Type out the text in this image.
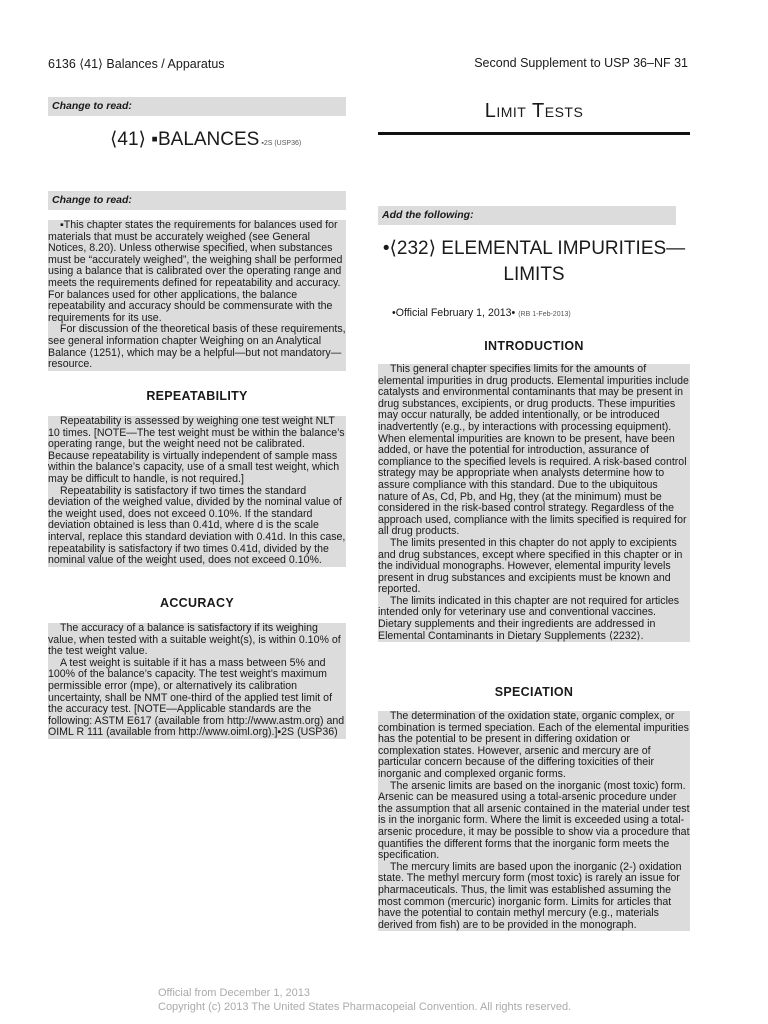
6136 ⟨41⟩ Balances / Apparatus	Second Supplement to USP 36–NF 31
Change to read:
⟨41⟩ ▪BALANCES ▪2S (USP36)
Change to read:

▪This chapter states the requirements for balances used for materials that must be accurately weighed (see General Notices, 8.20). Unless otherwise specified, when substances must be “accurately weighed”, the weighing shall be performed using a balance that is calibrated over the operating range and meets the requirements defined for repeatability and accuracy. For balances used for other applications, the balance repeatability and accuracy should be commensurate with the requirements for its use.

For discussion of the theoretical basis of these requirements, see general information chapter Weighing on an Analytical Balance ⟨1251⟩, which may be a helpful—but not mandatory—resource.

REPEATABILITY

Repeatability is assessed by weighing one test weight NLT 10 times. [NOTE—The test weight must be within the balance’s operating range, but the weight need not be calibrated. Because repeatability is virtually independent of sample mass within the balance’s capacity, use of a small test weight, which may be difficult to handle, is not required.]

Repeatability is satisfactory if two times the standard deviation of the weighed value, divided by the nominal value of the weight used, does not exceed 0.10%. If the standard deviation obtained is less than 0.41d, where d is the scale interval, replace this standard deviation with 0.41d. In this case, repeatability is satisfactory if two times 0.41d, divided by the nominal value of the weight used, does not exceed 0.10%.

ACCURACY

The accuracy of a balance is satisfactory if its weighing value, when tested with a suitable weight(s), is within 0.10% of the test weight value.

A test weight is suitable if it has a mass between 5% and 100% of the balance’s capacity. The test weight’s maximum permissible error (mpe), or alternatively its calibration uncertainty, shall be NMT one-third of the applied test limit of the accuracy test. [NOTE—Applicable standards are the following: ASTM E617 (available from http://www.astm.org) and OIML R 111 (available from http://www.oiml.org).]▪2S (USP36)

Limit Tests
Add the following:
•⟨232⟩ ELEMENTAL IMPURITIES—
LIMITS
•Official February 1, 2013• (RB 1-Feb-2013)
INTRODUCTION

This general chapter specifies limits for the amounts of elemental impurities in drug products. Elemental impurities include catalysts and environmental contaminants that may be present in drug substances, excipients, or drug products. These impurities may occur naturally, be added intentionally, or be introduced inadvertently (e.g., by interactions with processing equipment). When elemental impurities are known to be present, have been added, or have the potential for introduction, assurance of compliance to the specified levels is required. A risk-based control strategy may be appropriate when analysts determine how to assure compliance with this standard. Due to the ubiquitous nature of As, Cd, Pb, and Hg, they (at the minimum) must be considered in the risk-based control strategy. Regardless of the approach used, compliance with the limits specified is required for all drug products.

The limits presented in this chapter do not apply to excipients and drug substances, except where specified in this chapter or in the individual monographs. However, elemental impurity levels present in drug substances and excipients must be known and reported.

The limits indicated in this chapter are not required for articles intended only for veterinary use and conventional vaccines. Dietary supplements and their ingredients are addressed in Elemental Contaminants in Dietary Supplements ⟨2232⟩.

SPECIATION

The determination of the oxidation state, organic complex, or combination is termed speciation. Each of the elemental impurities has the potential to be present in differing oxidation or complexation states. However, arsenic and mercury are of particular concern because of the differing toxicities of their inorganic and complexed organic forms.

The arsenic limits are based on the inorganic (most toxic) form. Arsenic can be measured using a total-arsenic procedure under the assumption that all arsenic contained in the material under test is in the inorganic form. Where the limit is exceeded using a total-arsenic procedure, it may be possible to show via a procedure that quantifies the different forms that the inorganic form meets the specification.

The mercury limits are based upon the inorganic (2-) oxidation state. The methyl mercury form (most toxic) is rarely an issue for pharmaceuticals. Thus, the limit was established assuming the most common (mercuric) inorganic form. Limits for articles that have the potential to contain methyl mercury (e.g., materials derived from fish) are to be provided in the monograph.

Official from December 1, 2013
Copyright (c) 2013 The United States Pharmacopeial Convention. All rights reserved.
